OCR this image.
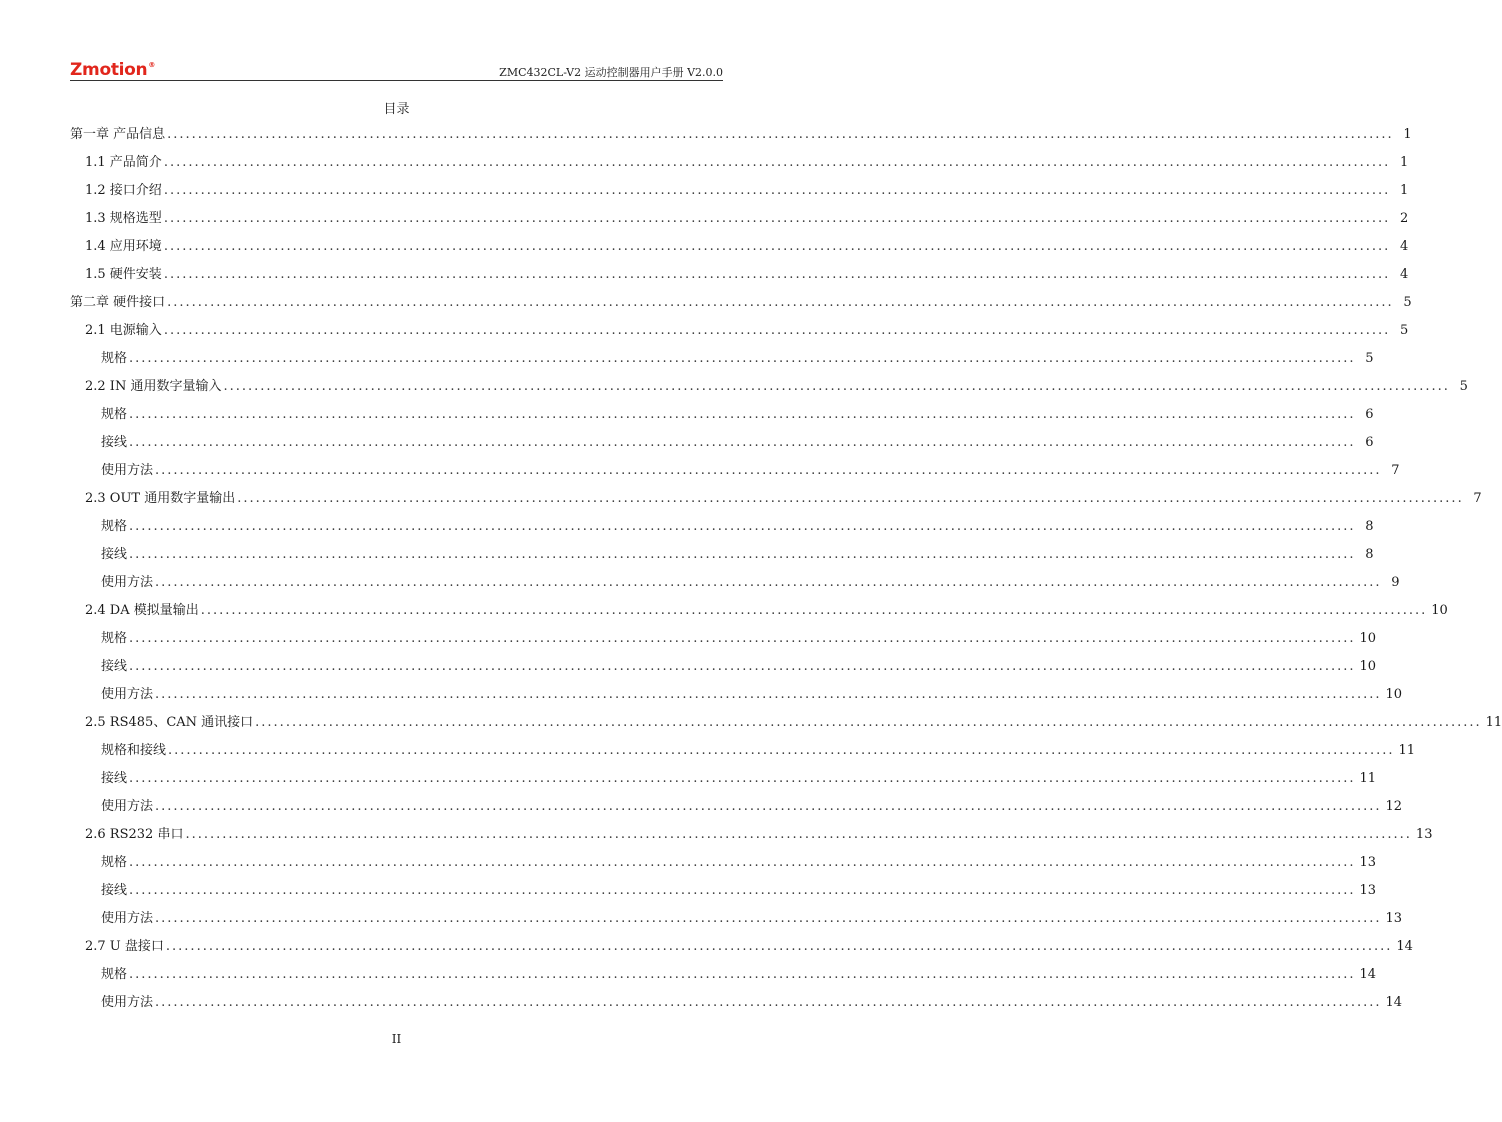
Zmotion®
ZMC432CL-V2 运动控制器用户手册 V2.0.0
目录
第一章 产品信息 ........................................................................................................................................................................................................ 1
1.1 产品简介 ........................................................................................................................................................................................................ 1
1.2 接口介绍 ........................................................................................................................................................................................................ 1
1.3 规格选型 ........................................................................................................................................................................................................ 2
1.4 应用环境 ........................................................................................................................................................................................................ 4
1.5 硬件安装 ........................................................................................................................................................................................................ 4
第二章 硬件接口 ........................................................................................................................................................................................................ 5
2.1 电源输入 ........................................................................................................................................................................................................ 5
规格 ........................................................................................................................................................................................................ 5
2.2 IN 通用数字量输入 ........................................................................................................................................................................................................ 5
规格 ........................................................................................................................................................................................................ 6
接线 ........................................................................................................................................................................................................ 6
使用方法 ........................................................................................................................................................................................................ 7
2.3 OUT 通用数字量输出 ........................................................................................................................................................................................................ 7
规格 ........................................................................................................................................................................................................ 8
接线 ........................................................................................................................................................................................................ 8
使用方法 ........................................................................................................................................................................................................ 9
2.4 DA 模拟量输出 ........................................................................................................................................................................................................ 10
规格 ........................................................................................................................................................................................................ 10
接线 ........................................................................................................................................................................................................ 10
使用方法 ........................................................................................................................................................................................................ 10
2.5 RS485、CAN 通讯接口 ........................................................................................................................................................................................................ 11
规格和接线 ........................................................................................................................................................................................................ 11
接线 ........................................................................................................................................................................................................ 11
使用方法 ........................................................................................................................................................................................................ 12
2.6 RS232 串口 ........................................................................................................................................................................................................ 13
规格 ........................................................................................................................................................................................................ 13
接线 ........................................................................................................................................................................................................ 13
使用方法 ........................................................................................................................................................................................................ 13
2.7 U 盘接口 ........................................................................................................................................................................................................ 14
规格 ........................................................................................................................................................................................................ 14
使用方法 ........................................................................................................................................................................................................ 14
II
